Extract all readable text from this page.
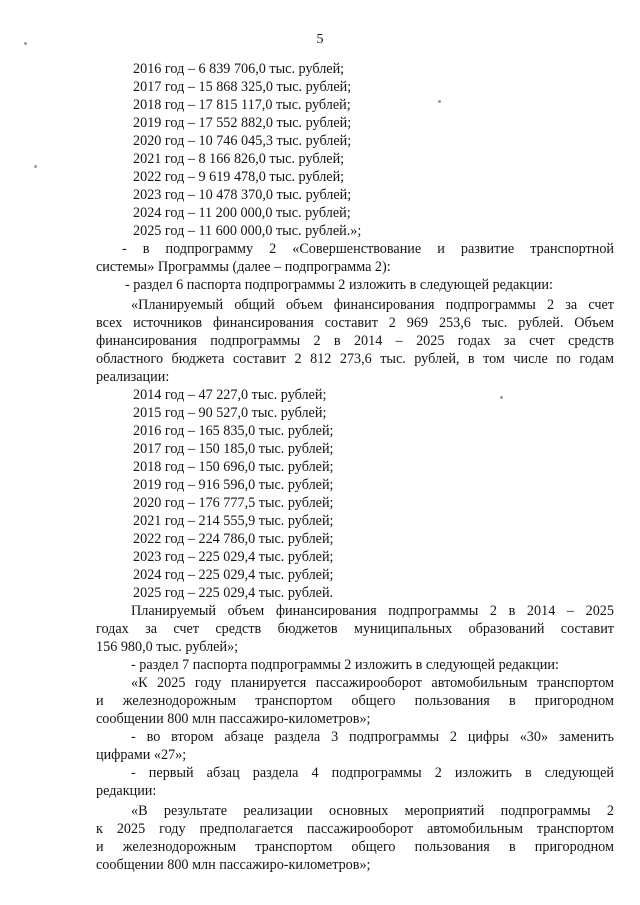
5
2016 год – 6 839 706,0 тыс. рублей;
2017 год – 15 868 325,0 тыс. рублей;
2018 год – 17 815 117,0 тыс. рублей;
2019 год – 17 552 882,0 тыс. рублей;
2020 год – 10 746 045,3 тыс. рублей;
2021 год – 8 166 826,0 тыс. рублей;
2022 год – 9 619 478,0 тыс. рублей;
2023 год – 10 478 370,0 тыс. рублей;
2024 год – 11 200 000,0 тыс. рублей;
2025 год – 11 600 000,0 тыс. рублей.»;
- в подпрограмму 2 «Совершенствование и развитие транспортной
системы» Программы (далее – подпрограмма 2):
- раздел 6 паспорта подпрограммы 2 изложить в следующей редакции:
«Планируемый общий объем финансирования подпрограммы 2 за счет
всех источников финансирования составит 2 969 253,6 тыс. рублей. Объем
финансирования подпрограммы 2 в 2014 – 2025 годах за счет средств
областного бюджета составит 2 812 273,6 тыс. рублей, в том числе по годам
реализации:
2014 год – 47 227,0 тыс. рублей;
2015 год – 90 527,0 тыс. рублей;
2016 год – 165 835,0 тыс. рублей;
2017 год – 150 185,0 тыс. рублей;
2018 год – 150 696,0 тыс. рублей;
2019 год – 916 596,0 тыс. рублей;
2020 год – 176 777,5 тыс. рублей;
2021 год – 214 555,9 тыс. рублей;
2022 год – 224 786,0 тыс. рублей;
2023 год – 225 029,4 тыс. рублей;
2024 год – 225 029,4 тыс. рублей;
2025 год – 225 029,4 тыс. рублей.
Планируемый объем финансирования подпрограммы 2 в 2014 – 2025
годах за счет средств бюджетов муниципальных образований составит
156 980,0 тыс. рублей»;
- раздел 7 паспорта подпрограммы 2 изложить в следующей редакции:
«К 2025 году планируется пассажирооборот автомобильным транспортом
и железнодорожным транспортом общего пользования в пригородном
сообщении 800 млн пассажиро-километров»;
- во втором абзаце раздела 3 подпрограммы 2 цифры «30» заменить
цифрами «27»;
- первый абзац раздела 4 подпрограммы 2 изложить в следующей
редакции:
«В результате реализации основных мероприятий подпрограммы 2
к 2025 году предполагается пассажирооборот автомобильным транспортом
и железнодорожным транспортом общего пользования в пригородном
сообщении 800 млн пассажиро-километров»;
